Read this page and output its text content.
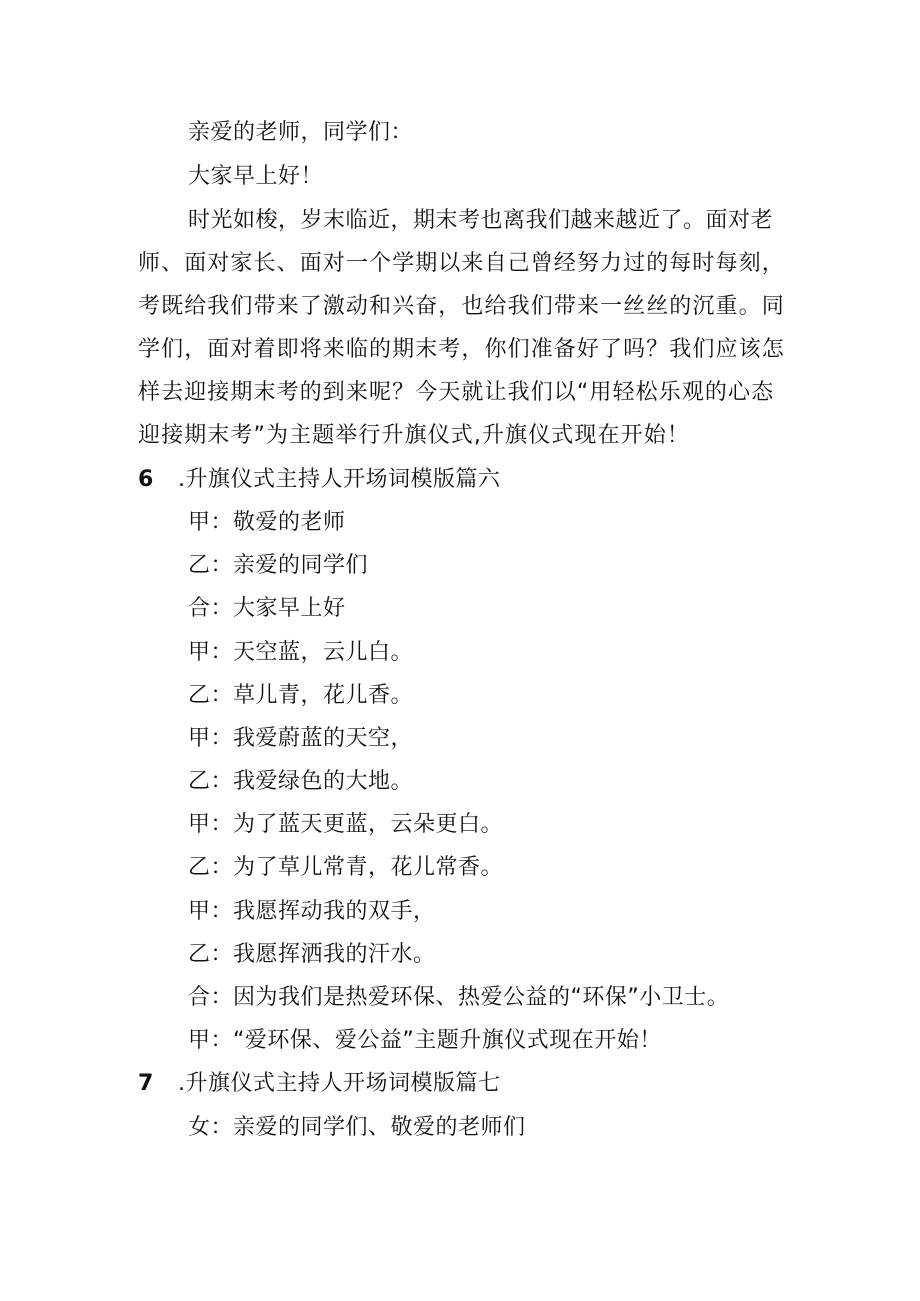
亲爱的老师，同学们：
大家早上好！
时光如梭，岁末临近，期末考也离我们越来越近了。面对老
师、面对家长、面对一个学期以来自己曾经努力过的每时每刻，
考既给我们带来了激动和兴奋，也给我们带来一丝丝的沉重。同
学们，面对着即将来临的期末考，你们准备好了吗？我们应该怎
样去迎接期末考的到来呢？今天就让我们以“用轻松乐观的心态
迎接期末考”为主题举行升旗仪式,升旗仪式现在开始！
6 .升旗仪式主持人开场词模版篇六
甲：敬爱的老师
乙：亲爱的同学们
合：大家早上好
甲：天空蓝，云儿白。
乙：草儿青，花儿香。
甲：我爱蔚蓝的天空，
乙：我爱绿色的大地。
甲：为了蓝天更蓝，云朵更白。
乙：为了草儿常青，花儿常香。
甲：我愿挥动我的双手，
乙：我愿挥洒我的汗水。
合：因为我们是热爱环保、热爱公益的“环保”小卫士。
甲：“爱环保、爱公益”主题升旗仪式现在开始！
7 .升旗仪式主持人开场词模版篇七
女：亲爱的同学们、敬爱的老师们
